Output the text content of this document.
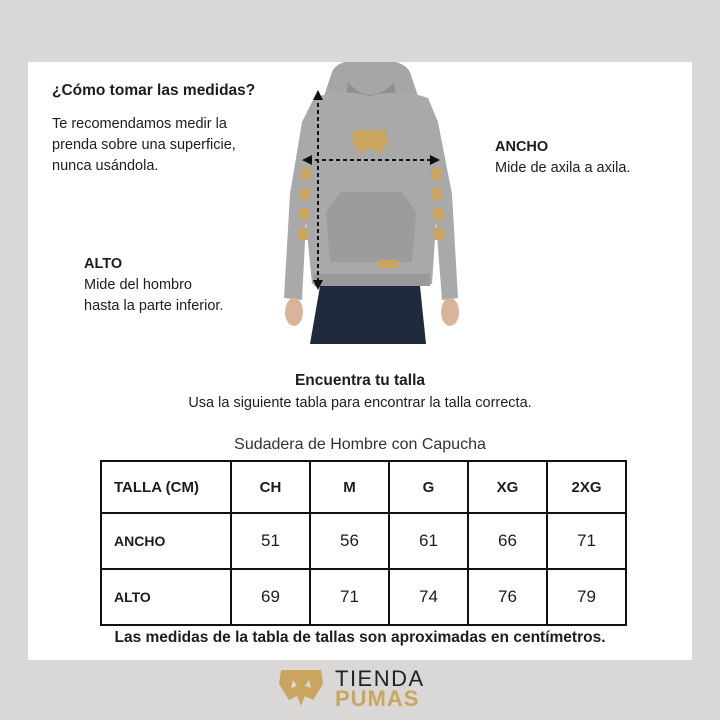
¿Cómo tomar las medidas?
Te recomendamos medir la
prenda sobre una superficie,
nunca usándola.
ALTO
Mide del hombro
hasta la parte inferior.
ANCHO
Mide de axila a axila.
Encuentra tu talla
Usa la siguiente tabla para encontrar la talla correcta.
Sudadera de Hombre con Capucha
TALLA (CM)	CH	M	G	XG	2XG
ANCHO	51	56	61	66	71
ALTO	69	71	74	76	79
Las medidas de la tabla de tallas son aproximadas en centímetros.
TIENDA
PUMAS
